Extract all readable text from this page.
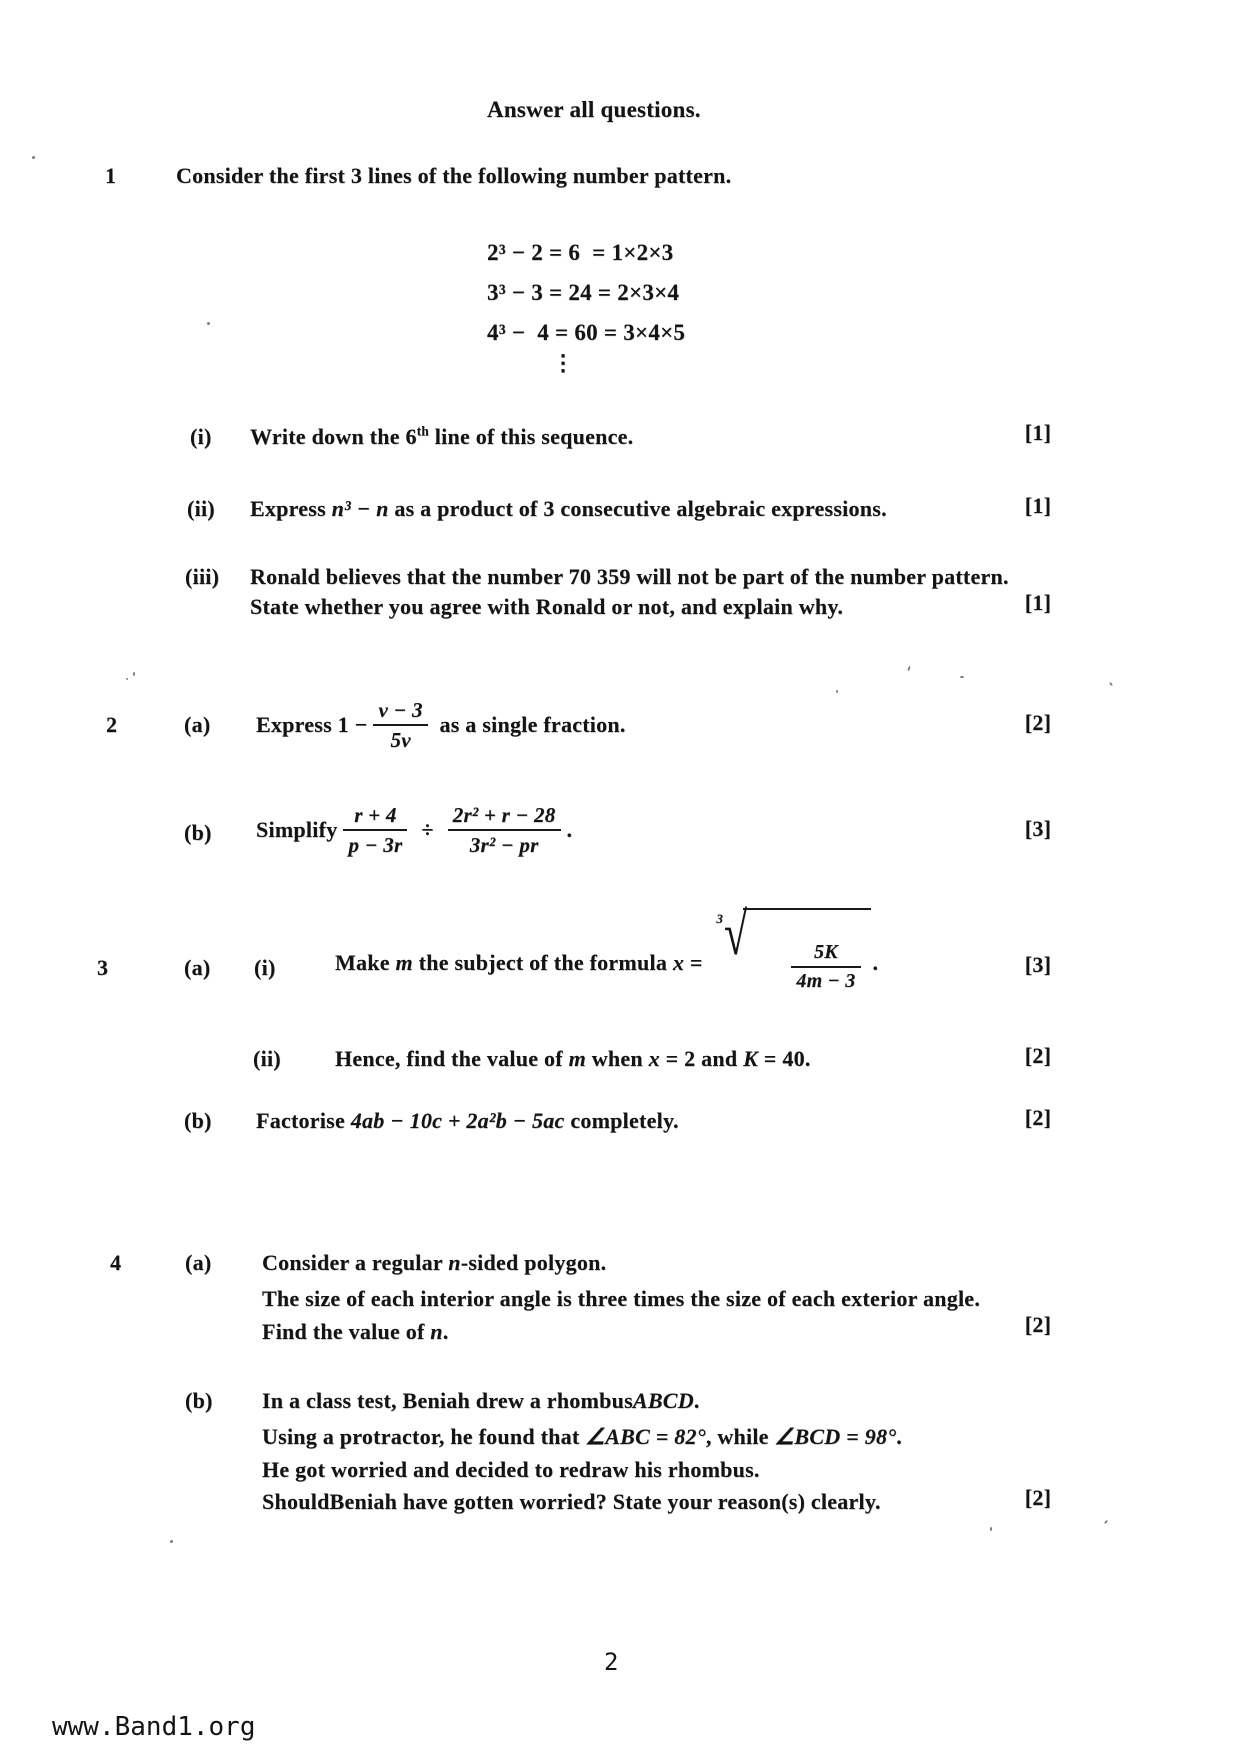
Answer all questions.
1	Consider the first 3 lines of the following number pattern.
2³ − 2 = 6  = 1×2×3
3³ − 3 = 24 = 2×3×4
4³ −  4 = 60 = 3×4×5
⋮
(i) Write down the 6th line of this sequence.	[1]
(ii) Express n³ − n as a product of 3 consecutive algebraic expressions.	[1]
(iii) Ronald believes that the number 70 359 will not be part of the number pattern.
State whether you agree with Ronald or not, and explain why.	[1]
2	(a) Express $1 - \frac{v - 3}{5v}$ as a single fraction.	[2]
(b) Simplify $\frac{r + 4}{p - 3r} \div \frac{\text{2r² + r − 28}}{\text{3r² − pr}}$ .	[3]
3	(a) (i)	Make m the subject of the formula x =
3 √

$\frac{5K}{4m - 3}$

.	[3]
(ii) Hence, find the value of m when x = 2 and K = 40.	[2]
(b) Factorise 4ab − 10c + 2a²b − 5ac completely.	[2]
4	(a) Consider a regular n-sided polygon.
The size of each interior angle is three times the size of each exterior angle.
Find the value of n.	[2]
(b) In a class test, Beniah drew a rhombusABCD.
Using a protractor, he found that ∠ABC = 82°, while ∠BCD = 98°.
He got worried and decided to redraw his rhombus.
ShouldBeniah have gotten worried? State your reason(s) clearly.	[2]
2
www.Band1.org
